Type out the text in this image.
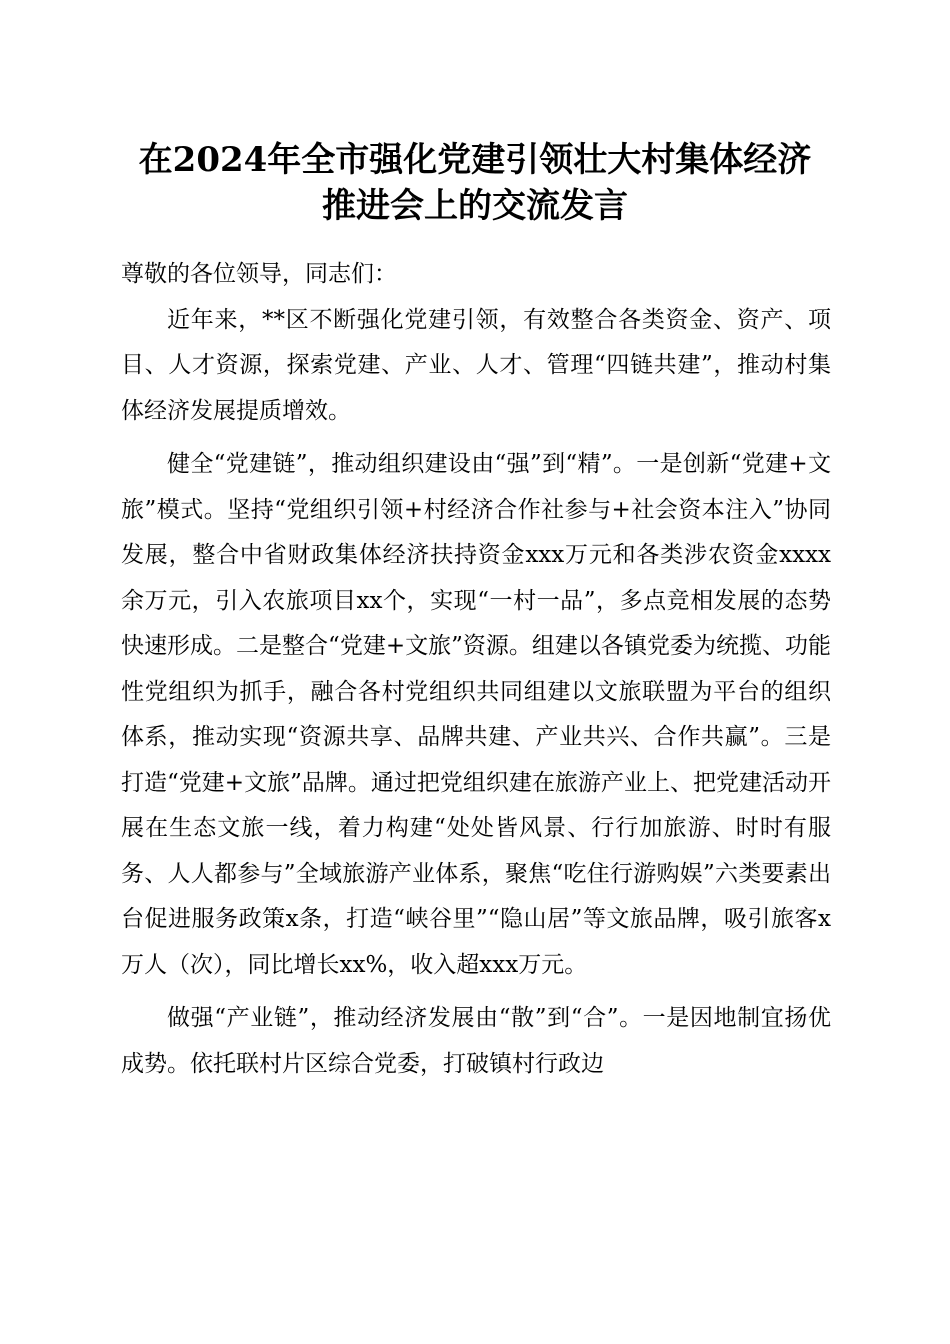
在2024年全市强化党建引领壮大村集体经济
推进会上的交流发言

尊敬的各位领导，同志们：

近年来，**区不断强化党建引领，有效整合各类资金、资产、项目、人才资源，探索党建、产业、人才、管理“四链共建”，推动村集体经济发展提质增效。

健全“党建链”，推动组织建设由“强”到“精”。一是创新“党建+文旅”模式。坚持“党组织引领+村经济合作社参与+社会资本注入”协同发展，整合中省财政集体经济扶持资金xxx万元和各类涉农资金xxxx余万元，引入农旅项目xx个，实现“一村一品”，多点竞相发展的态势快速形成。二是整合“党建+文旅”资源。组建以各镇党委为统揽、功能性党组织为抓手，融合各村党组织共同组建以文旅联盟为平台的组织体系，推动实现“资源共享、品牌共建、产业共兴、合作共赢”。三是打造“党建+文旅”品牌。通过把党组织建在旅游产业上、把党建活动开展在生态文旅一线，着力构建“处处皆风景、行行加旅游、时时有服务、人人都参与”全域旅游产业体系，聚焦“吃住行游购娱”六类要素出台促进服务政策x条，打造“峡谷里”“隐山居”等文旅品牌，吸引旅客x万人（次），同比增长xx%，收入超xxx万元。

做强“产业链”，推动经济发展由“散”到“合”。一是因地制宜扬优成势。依托联村片区综合党委，打破镇村行政边
